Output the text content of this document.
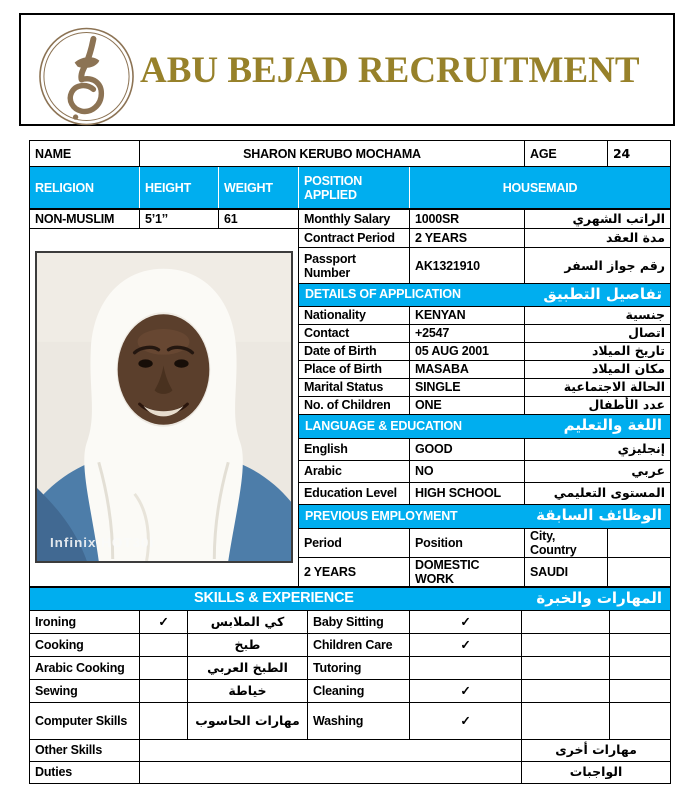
ABU BEJAD RECRUITMENT
NAME	SHARON KERUBO MOCHAMA				AGE	24
RELIGION	HEIGHT	WEIGHT	POSITION APPLIED	HOUSEMAID		
NON-MUSLIM	5’1’’	61	Monthly Salary	1000SR	الراتب الشهري	

Infinix HOT30i			Contract Period	2 YEARS	مدة العقد	
			Passport Number	AK1321910	رقم جواز السفر	

			DETAILS OF APPLICATION تفاصيل التطبيق			

			Nationality	KENYAN	جنسية	
			Contact	+2547	اتصال	
			Date of Birth	05 AUG 2001	تاريخ الميلاد	
			Place of Birth	MASABA	مكان الميلاد	
			Marital Status	SINGLE	الحالة الاجتماعية	
			No. of Children	ONE	عدد الأطفال	

			LANGUAGE & EDUCATION اللغة والتعليم			

			English	GOOD	إنجليزي	
			Arabic	NO	عربي	
			Education Level	HIGH SCHOOL	المستوى التعليمي	

			PREVIOUS EMPLOYMENT الوظائف السابقة			

			Period	Position	City, Country	
			2 YEARS	DOMESTIC WORK	SAUDI	
SKILLS & EXPERIENCE المهارات والخبرة						

Ironing	✓	كي الملابس	Baby Sitting	✓		
Cooking		طبخ	Children Care	✓		
Arabic Cooking		الطبخ العربي	Tutoring			
Sewing		خياطة	Cleaning	✓		
Computer Skills		مهارات الحاسوب	Washing	✓		
Other Skills					مهارات أخرى	
Duties					الواجبات	
